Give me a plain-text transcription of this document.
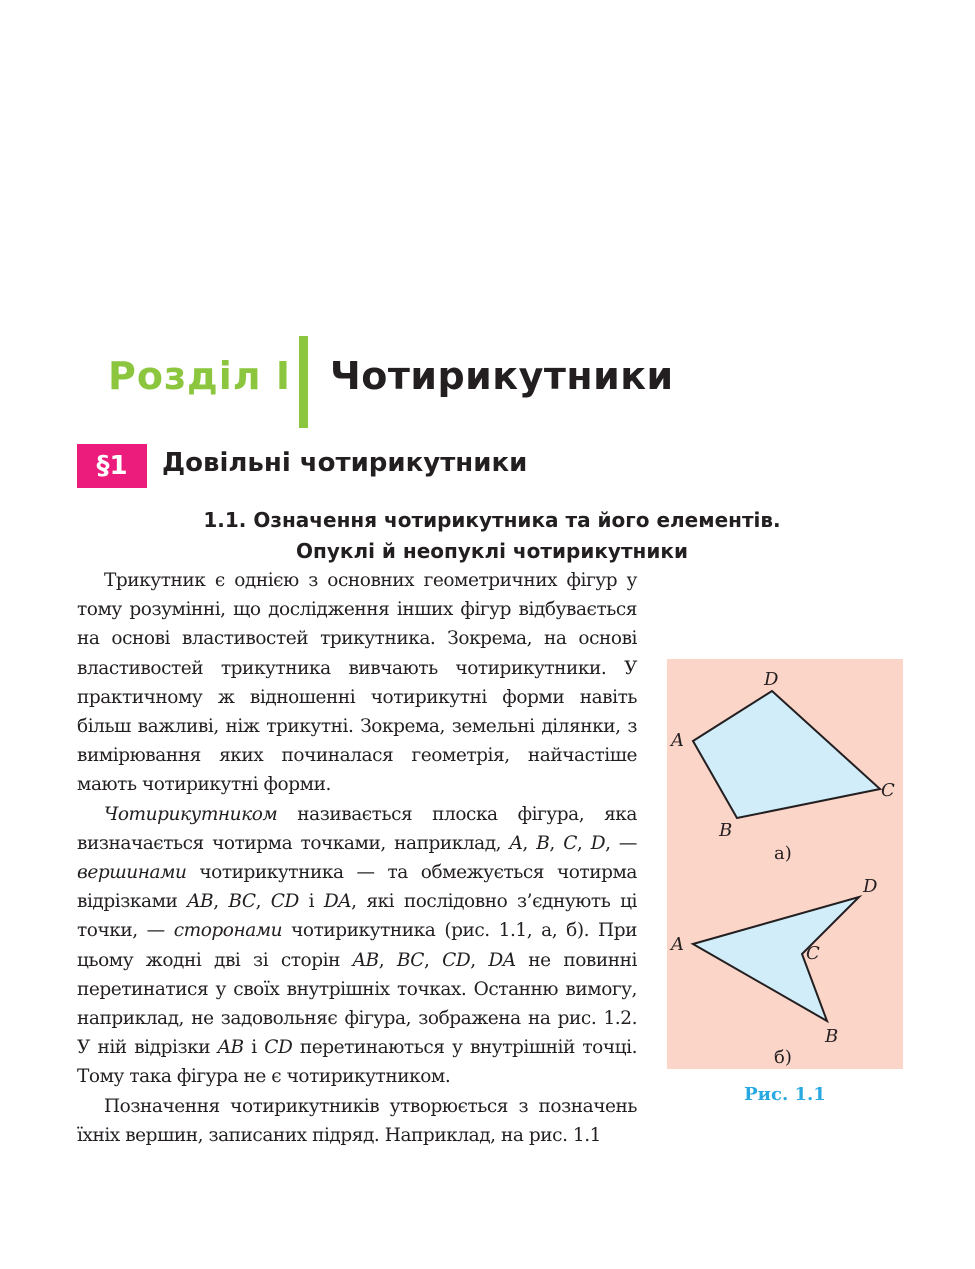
Розділ I Чотирикутники
§1	Довільні чотирикутники
1.1. Означення чотирикутника та його елементів.
Опуклі й неопуклі чотирикутники

Трикутник є однією з основних геометричних фігур у тому розумінні, що дослідження інших фігур відбувається на основі властивостей трикутника. Зокрема, на основі властивостей трикутника вивчають чотирикутники. У практичному ж відношенні чотирикутні форми навіть більш важливі, ніж трикутні. Зокрема, земельні ділянки, з вимірювання яких починалася геометрія, найчастіше мають чотирикутні форми.

Чотирикутником називається плоска фігура, яка визначається чотирма точками, наприклад, A, B, C, D, — вершинами чотирикутника — та обмежується чотирма відрізками AB, BC, CD і DA, які послідовно з’єднують ці точки, — сторонами чотирикутника (рис. 1.1, а, б). При цьому жодні дві зі сторін AB, BC, CD, DA не повинні перетинатися у своїх внутрішніх точках. Останню вимогу, наприклад, не задовольняє фігура, зображена на рис. 1.2. У ній відрізки AB і CD перетинаються у внутрішній точці. Тому така фігура не є чотирикутником.

Позначення чотирикутників утворюється з позначень їхніх вершин, записаних підряд. Наприклад, на рис. 1.1

A
B
C
D
а)
A
B
C
D
б)
Рис. 1.1
